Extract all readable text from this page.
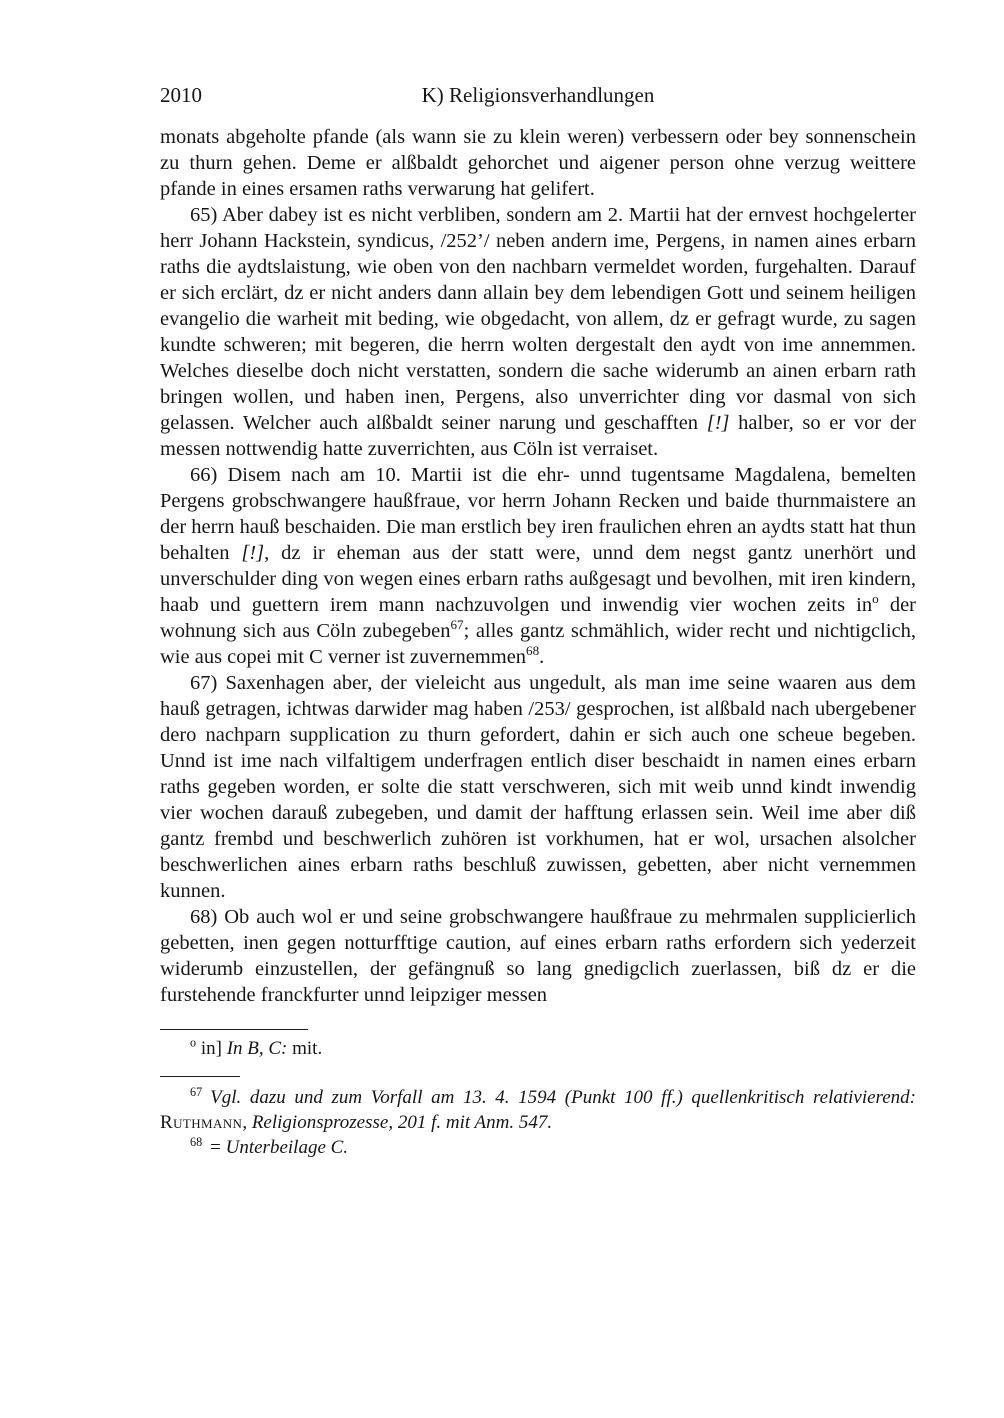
2010	K) Religionsverhandlungen

monats abgeholte pfande (als wann sie zu klein weren) verbessern oder bey sonnenschein zu thurn gehen. Deme er alßbaldt gehorchet und aigener person ohne verzug weittere pfande in eines ersamen raths verwarung hat gelifert.

65) Aber dabey ist es nicht verbliben, sondern am 2. Martii hat der ernvest hochgelerter herr Johann Hackstein, syndicus, /252’/ neben andern ime, Pergens, in namen aines erbarn raths die aydtslaistung, wie oben von den nachbarn vermeldet worden, furgehalten. Darauf er sich erclärt, dz er nicht anders dann allain bey dem lebendigen Gott und seinem heiligen evangelio die warheit mit beding, wie obgedacht, von allem, dz er gefragt wurde, zu sagen kundte schweren; mit begeren, die herrn wolten dergestalt den aydt von ime annemmen. Welches dieselbe doch nicht verstatten, sondern die sache widerumb an ainen erbarn rath bringen wollen, und haben inen, Pergens, also unverrichter ding vor dasmal von sich gelassen. Welcher auch alßbaldt seiner narung und geschafften [!] halber, so er vor der messen nottwendig hatte zuverrichten, aus Cöln ist verraiset.

66) Disem nach am 10. Martii ist die ehr- unnd tugentsame Magdalena, bemelten Pergens grobschwangere haußfraue, vor herrn Johann Recken und baide thurnmaistere an der herrn hauß beschaiden. Die man erstlich bey iren fraulichen ehren an aydts statt hat thun behalten [!], dz ir eheman aus der statt were, unnd dem negst gantz unerhört und unverschulder ding von wegen eines erbarn raths außgesagt und bevolhen, mit iren kindern, haab und guettern irem mann nachzuvolgen und inwendig vier wochen zeits $in^o$ der wohnung sich aus Cöln zubegeben$^{67}$; alles gantz schmählich, wider recht und nichtigclich, wie aus copei mit C verner ist zuvernemmen$^{68}$.

67) Saxenhagen aber, der vieleicht aus ungedult, als man ime seine waaren aus dem hauß getragen, ichtwas darwider mag haben /253/ gesprochen, ist alßbald nach ubergebener dero nachparn supplication zu thurn gefordert, dahin er sich auch one scheue begeben. Unnd ist ime nach vilfaltigem underfragen entlich diser beschaidt in namen eines erbarn raths gegeben worden, er solte die statt verschweren, sich mit weib unnd kindt inwendig vier wochen darauß zubegeben, und damit der hafftung erlassen sein. Weil ime aber diß gantz frembd und beschwerlich zuhören ist vorkhumen, hat er wol, ursachen alsolcher beschwerlichen aines erbarn raths beschluß zuwissen, gebetten, aber nicht vernemmen kunnen.

68) Ob auch wol er und seine grobschwangere haußfraue zu mehrmalen supplicierlich gebetten, inen gegen notturfftige caution, auf eines erbarn raths erfordern sich yederzeit widerumb einzustellen, der gefängnuß so lang gnedigclich zuerlassen, biß dz er die furstehende franckfurter unnd leipziger messen

$^o$ in] In B, C: mit.

$^{67}$ Vgl. dazu und zum Vorfall am 13. 4. 1594 (Punkt 100 ff.) quellenkritisch relativierend: Ruthmann, Religionsprozesse, 201 f. mit Anm. 547.

$^{68}$ = Unterbeilage C.
